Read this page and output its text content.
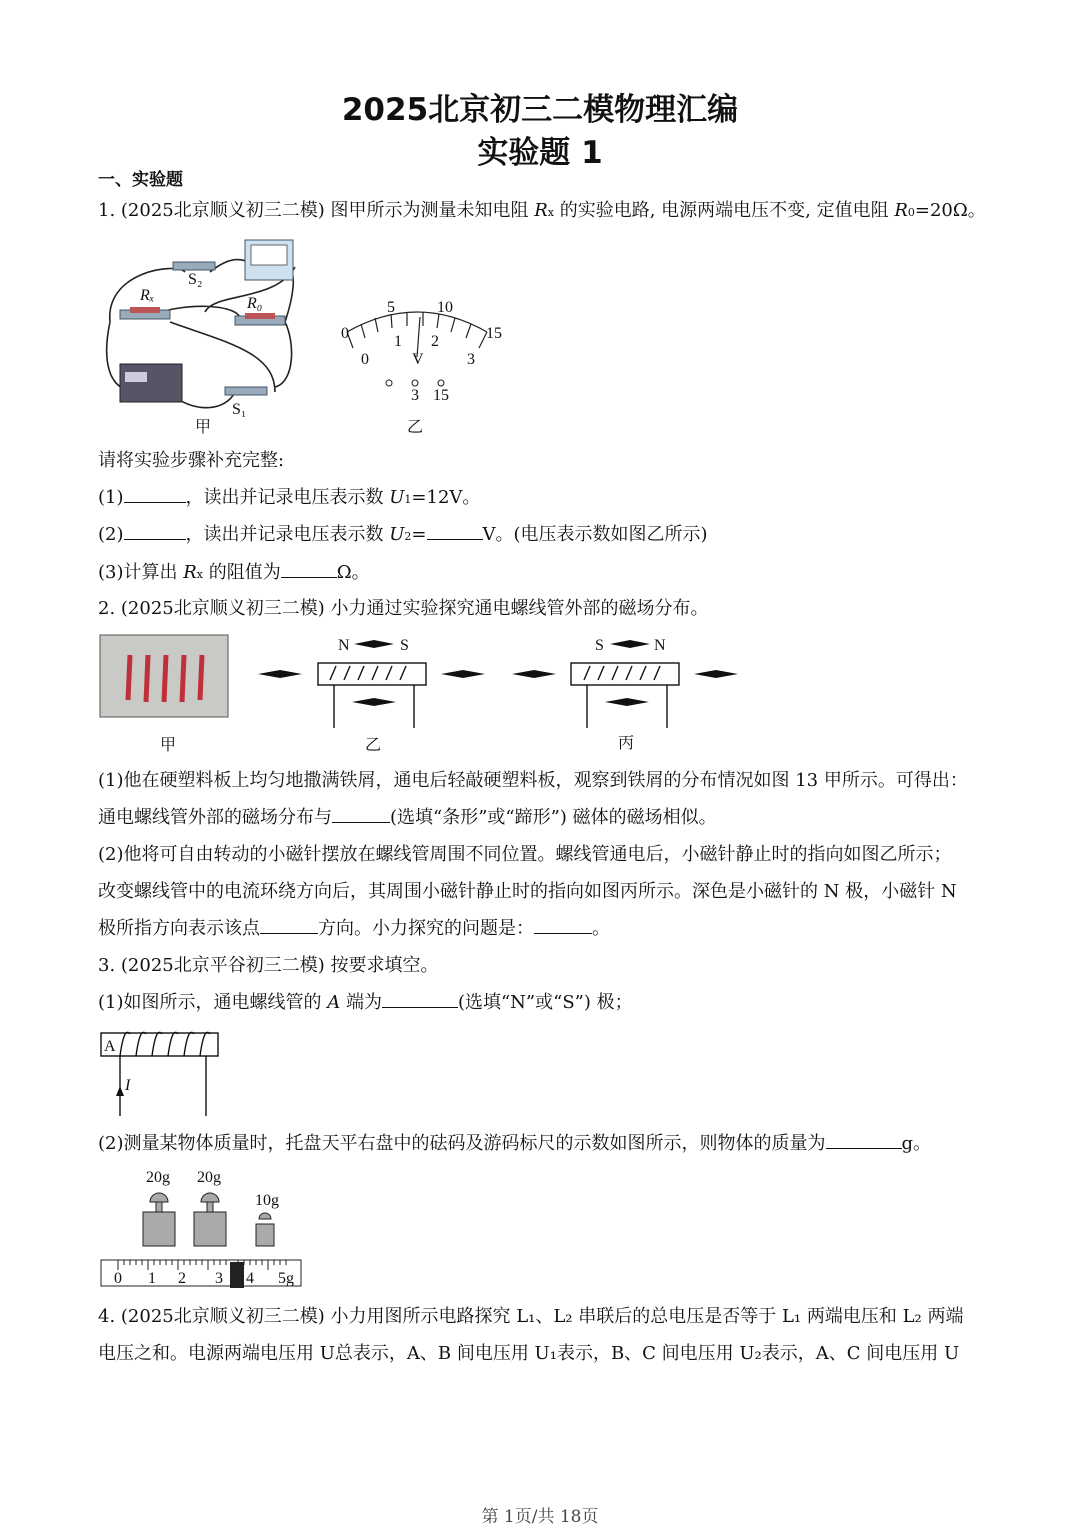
2025北京初三二模物理汇编
实验题 1
一、实验题
1. (2025北京顺义初三二模) 图甲所示为测量未知电阻 Rx 的实验电路, 电源两端电压不变, 定值电阻 R0=20Ω。
S₂
Rₓ	R₀
S₁
甲
0
5	10
15
0
1 2
3
V
3 15
乙
请将实验步骤补充完整:
(1)	，读出并记录电压表示数 U1=12V。
(2)	，读出并记录电压表示数 U2=	V。(电压表示数如图乙所示)
(3)计算出 Rx 的阻值为	Ω。
2. (2025北京顺义初三二模) 小力通过实验探究通电螺线管外部的磁场分布。
甲
N	S	S	N
乙	丙
(1)他在硬塑料板上均匀地撒满铁屑，通电后轻敲硬塑料板，观察到铁屑的分布情况如图 13 甲所示。可得出：
通电螺线管外部的磁场分布与	(选填“条形”或“蹄形”) 磁体的磁场相似。
(2)他将可自由转动的小磁针摆放在螺线管周围不同位置。螺线管通电后，小磁针静止时的指向如图乙所示；
改变螺线管中的电流环绕方向后，其周围小磁针静止时的指向如图丙所示。深色是小磁针的 N 极，小磁针 N
极所指方向表示该点	方向。小力探究的问题是：	。
3. (2025北京平谷初三二模) 按要求填空。
(1)如图所示，通电螺线管的 A 端为	(选填“N”或“S”) 极；
A
I
(2)测量某物体质量时，托盘天平右盘中的砝码及游码标尺的示数如图所示，则物体的质量为	g。
20g 20g
10g
0 1 2 3 4 5g
4. (2025北京顺义初三二模) 小力用图所示电路探究 L₁、L₂ 串联后的总电压是否等于 L₁ 两端电压和 L₂ 两端
电压之和。电源两端电压用 U总表示，A、B 间电压用 U₁表示，B、C 间电压用 U₂表示，A、C 间电压用 U
第 1页/共 18页
